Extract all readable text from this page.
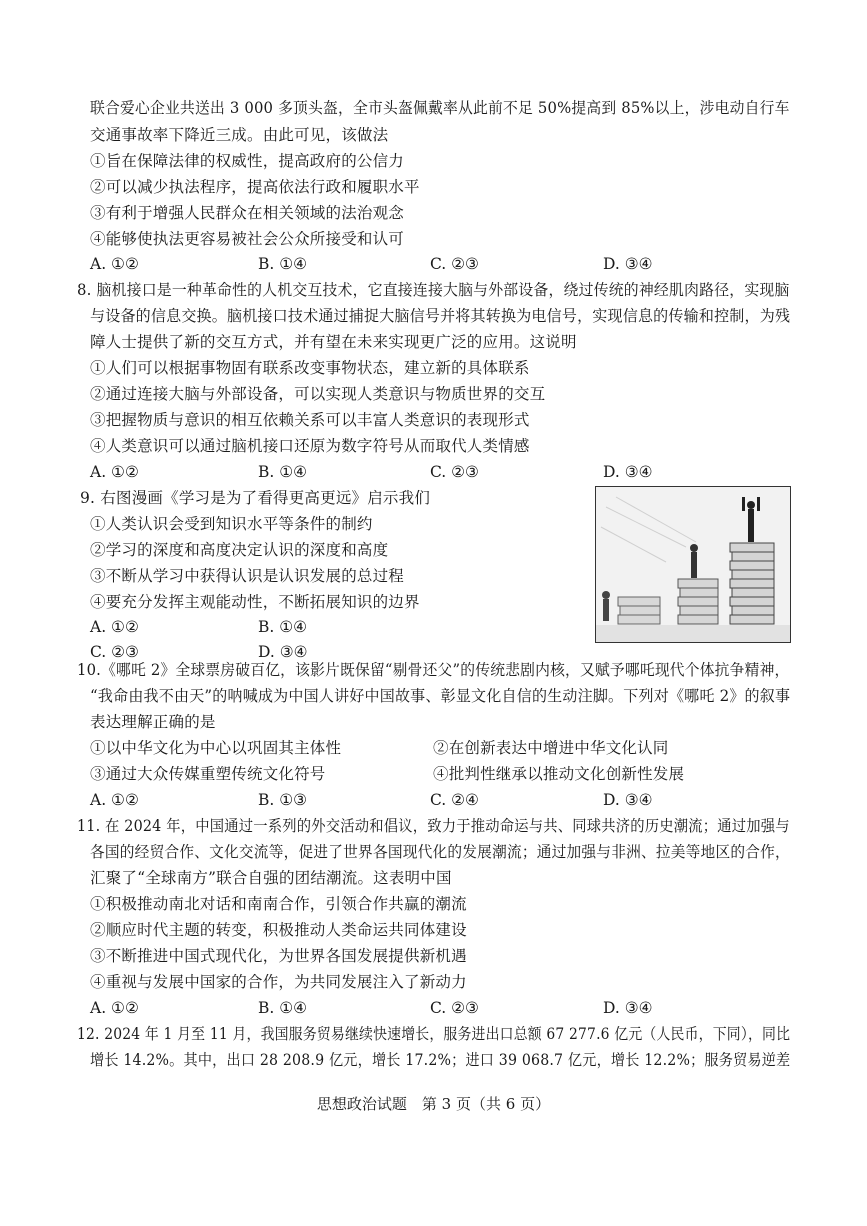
联合爱心企业共送出 3 000 多顶头盔，全市头盔佩戴率从此前不足 50%提高到 85%以上，涉电动自行车
交通事故率下降近三成。由此可见，该做法
①旨在保障法律的权威性，提高政府的公信力
②可以减少执法程序，提高依法行政和履职水平
③有利于增强人民群众在相关领域的法治观念
④能够使执法更容易被社会公众所接受和认可
A. ①②	B. ①④	C. ②③	D. ③④
8. 脑机接口是一种革命性的人机交互技术，它直接连接大脑与外部设备，绕过传统的神经肌肉路径，实现脑
与设备的信息交换。脑机接口技术通过捕捉大脑信号并将其转换为电信号，实现信息的传输和控制，为残
障人士提供了新的交互方式，并有望在未来实现更广泛的应用。这说明
①人们可以根据事物固有联系改变事物状态，建立新的具体联系
②通过连接大脑与外部设备，可以实现人类意识与物质世界的交互
③把握物质与意识的相互依赖关系可以丰富人类意识的表现形式
④人类意识可以通过脑机接口还原为数字符号从而取代人类情感
A. ①②	B. ①④	C. ②③	D. ③④
9. 右图漫画《学习是为了看得更高更远》启示我们
①人类认识会受到知识水平等条件的制约
②学习的深度和高度决定认识的深度和高度
③不断从学习中获得认识是认识发展的总过程
④要充分发挥主观能动性，不断拓展知识的边界
A. ①②	B. ①④
C. ②③	D. ③④
10.《哪吒 2》全球票房破百亿，该影片既保留“剔骨还父”的传统悲剧内核，又赋予哪吒现代个体抗争精神，
“我命由我不由天”的呐喊成为中国人讲好中国故事、彰显文化自信的生动注脚。下列对《哪吒 2》的叙事
表达理解正确的是
①以中华文化为中心以巩固其主体性	②在创新表达中增进中华文化认同
③通过大众传媒重塑传统文化符号	④批判性继承以推动文化创新性发展
A. ①②	B. ①③	C. ②④	D. ③④
11. 在 2024 年，中国通过一系列的外交活动和倡议，致力于推动命运与共、同球共济的历史潮流；通过加强与
各国的经贸合作、文化交流等，促进了世界各国现代化的发展潮流；通过加强与非洲、拉美等地区的合作，
汇聚了“全球南方”联合自强的团结潮流。这表明中国
①积极推动南北对话和南南合作，引领合作共赢的潮流
②顺应时代主题的转变，积极推动人类命运共同体建设
③不断推进中国式现代化，为世界各国发展提供新机遇
④重视与发展中国家的合作，为共同发展注入了新动力
A. ①②	B. ①④	C. ②③	D. ③④
12. 2024 年 1 月至 11 月，我国服务贸易继续快速增长，服务进出口总额 67 277.6 亿元（人民币，下同），同比
增长 14.2%。其中，出口 28 208.9 亿元，增长 17.2%；进口 39 068.7 亿元，增长 12.2%；服务贸易逆差
思想政治试题　第 3 页（共 6 页）
